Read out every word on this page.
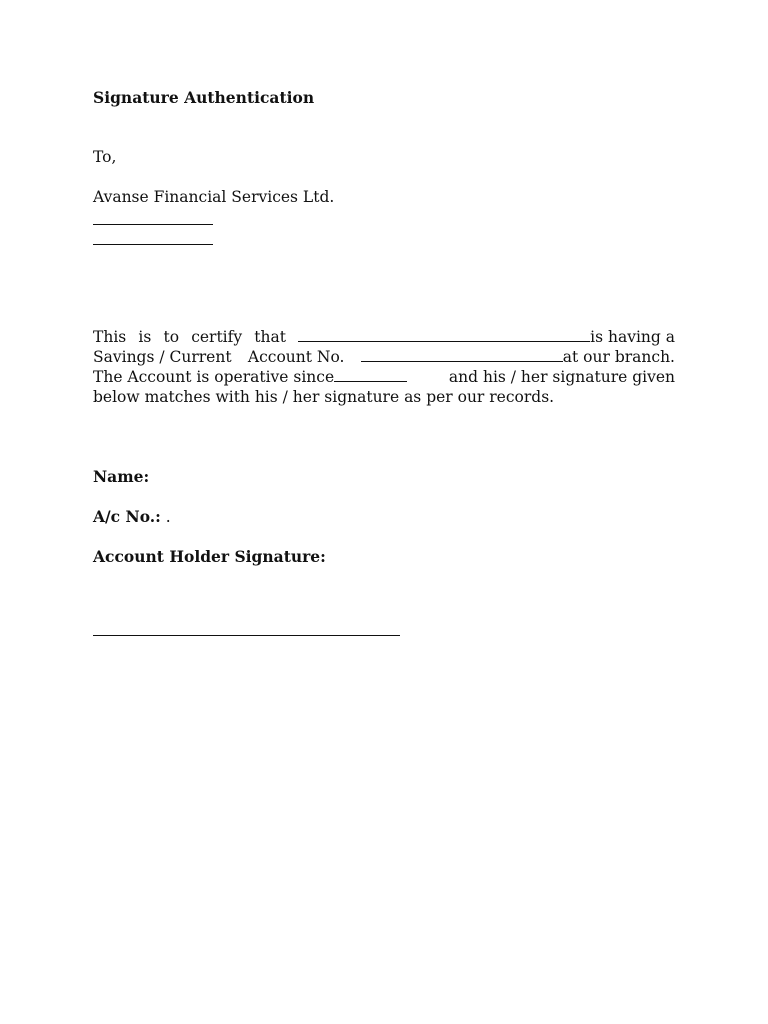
Signature Authentication
To,
Avanse Financial Services Ltd.
This is to certify that	is having a
Savings / Current Account No.	at our branch.
The Account is operative since	and his / her signature given
below matches with his / her signature as per our records.
Name:
A/c No.: .
Account Holder Signature:
